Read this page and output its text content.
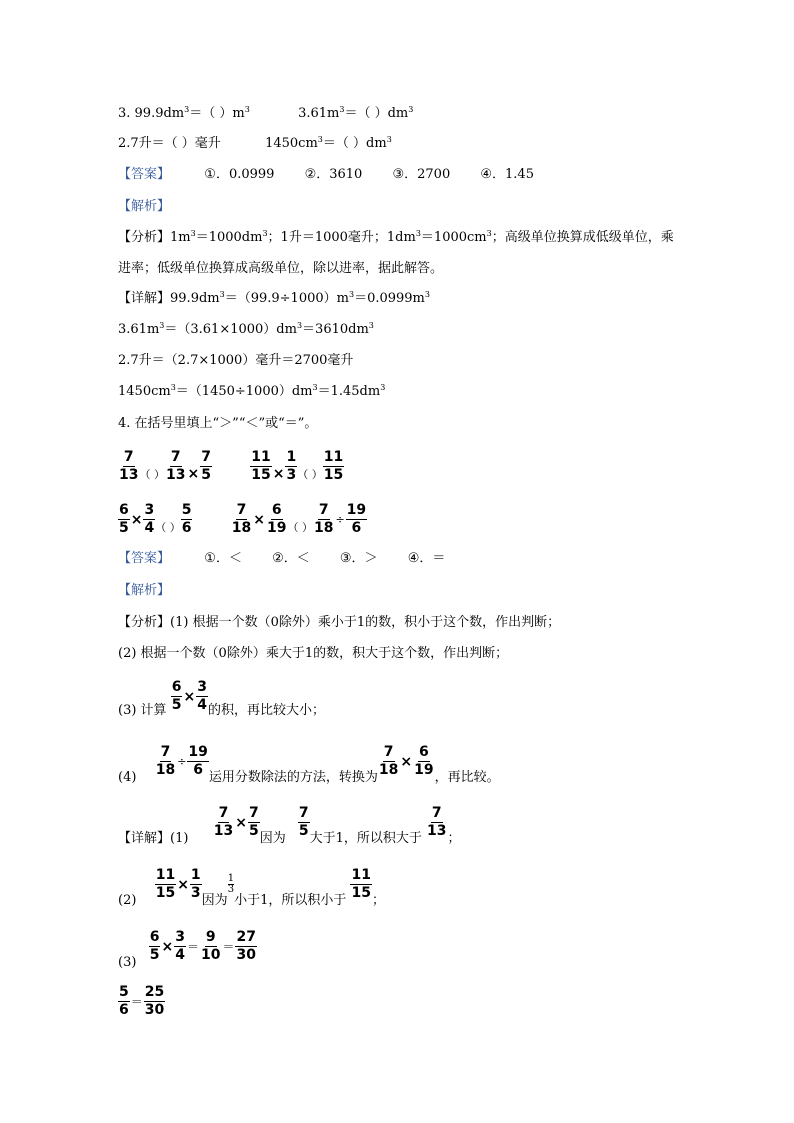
3. $99.9dm^3=$（ ）$m^3$	$3.61m^3=$（ ）$dm^3$
2.7升＝（ ）毫升	$1450cm^3=$（ ）$dm^3$
【答案】	①．0.0999 ②．3610 ③．2700 ④．1.45
【解析】
【分析】$1m^3=1000dm^3$；1升＝1000毫升；$1dm^3=1000cm^3$；高级单位换算成低级单位，乘
进率；低级单位换算成高级单位，除以进率，据此解答。
【详解】$99.9dm^3=(99.9\div 1000)m^3=0.0999m^3$
$3.61m^3=(3.61\times 1000)dm^3=3610dm^3$
2.7升＝（2.7×1000）毫升＝2700毫升
$1450cm^3=(1450\div 1000)dm^3=1.45dm^3$
4. 在括号里填上“＞”“＜”或“＝”。
$\frac{7}{13} _{( )} \frac{7}{13} \times \frac{7}{5}$
	$\frac{11}{15} \times \frac{1}{3} _{( )} \frac{11}{15}$
$\frac{6}{5} \times \frac{3}{4} _{( )} \frac{5}{6}$
	$\frac{7}{18} \times \frac{6}{19} _{( )} \frac{7}{18} \div \frac{19}{6}$
【答案】	①．＜ ②．＜ ③．＞ ④．＝
【解析】
【分析】(1) 根据一个数（0除外）乘小于1的数，积小于这个数，作出判断；
(2) 根据一个数（0除外）乘大于1的数，积大于这个数，作出判断；
(3) 计算 $\frac{6}{5} \times \frac{3}{4}$ 的积，再比较大小；
$(4) \frac{7}{18} \div \frac{19}{6}$ 运用分数除法的方法，转换为 $\frac{7}{18} \times \frac{6}{19}$ ，再比较。
【详解】$(1) \frac{7}{13} \times \frac{7}{5}$ 因为 $\frac{7}{5}$ 大于1，所以积大于 $\frac{7}{13}$ ；
$(2) \frac{11}{15} \times \frac{1}{3}$ 因为
$\frac{1}{3}$
小于1，所以积小于 $\frac{11}{15}$ ；
$(3) \frac{6}{5} \times \frac{3}{4} = \frac{9}{10} = \frac{27}{30}$
$\frac{5}{6} = \frac{25}{30}$
